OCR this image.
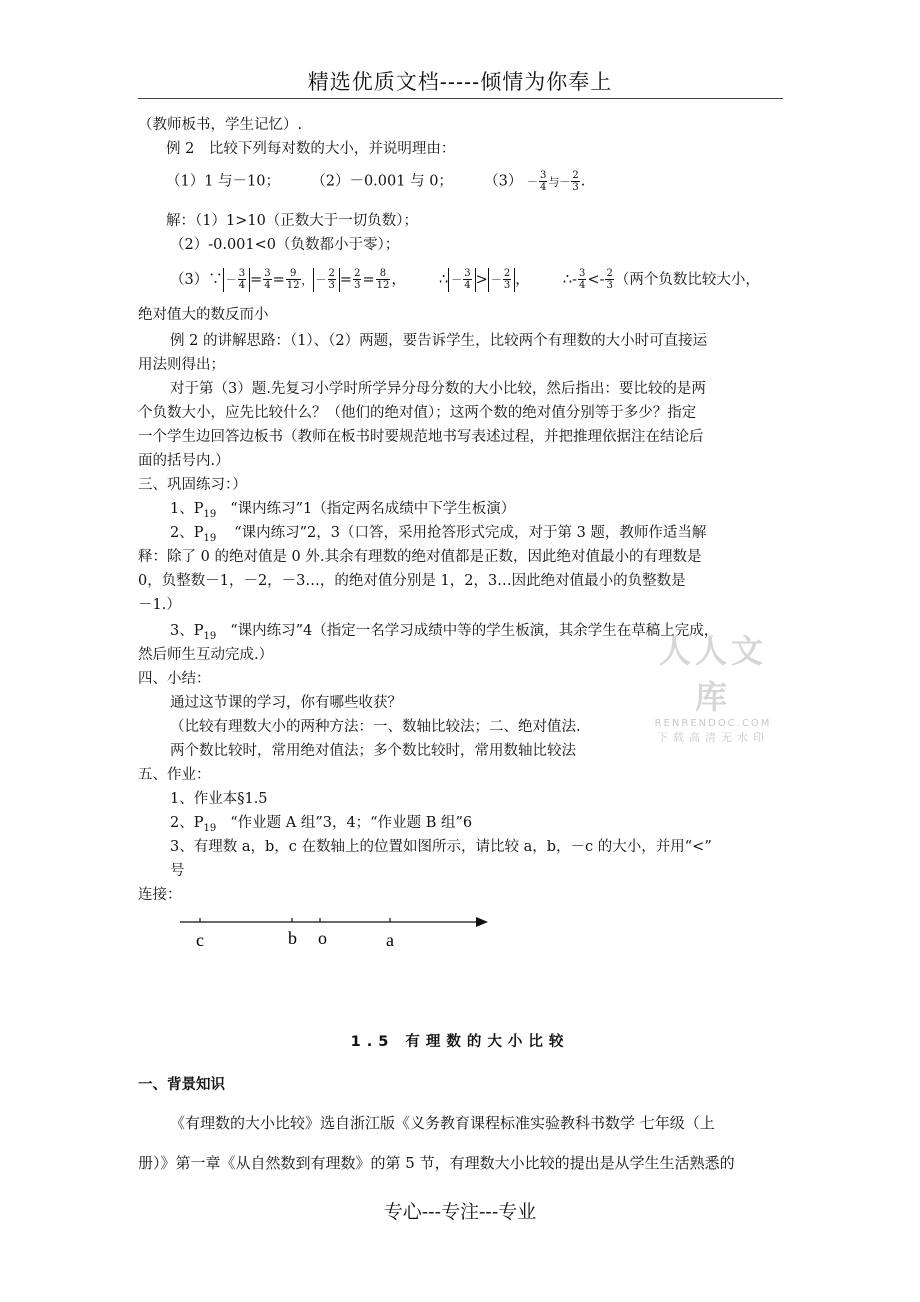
精选优质文档-----倾情为你奉上
（教师板书，学生记忆）.
例 2　比较下列每对数的大小，并说明理由：
（1）1 与－10； （2）－0.001 与 0； $(3) - \frac{3}{4}$ 与－ $\frac{2}{3}$ .
解：（1）1>10（正数大于一切负数）；
（2）-0.001<0（负数都小于零）；
（3）∵ － $\frac{3}{4} = \frac{3}{4} = \frac{9}{12}$ ， － $\frac{2}{3} = \frac{2}{3} = \frac{8}{12}$ ， ∴ － $\frac{3}{4}$ > － $\frac{2}{3}$ ， ∴- $\frac{3}{4} <- \frac{2}{3}$ （两个负数比较大小，
绝对值大的数反而小
例 2 的讲解思路：（1）、（2）两题，要告诉学生，比较两个有理数的大小时可直接运
用法则得出；
对于第（3）题.先复习小学时所学异分母分数的大小比较，然后指出：要比较的是两
个负数大小，应先比较什么？（他们的绝对值）；这两个数的绝对值分别等于多少？指定
一个学生边回答边板书（教师在板书时要规范地书写表述过程，并把推理依据注在结论后
面的括号内.）
三、巩固练习：）
1、$P_{19}$ “课内练习”1（指定两名成绩中下学生板演）
2、$P_{19}$ “课内练习”2，3（口答，采用抢答形式完成，对于第 3 题，教师作适当解
释：除了 0 的绝对值是 0 外.其余有理数的绝对值都是正数，因此绝对值最小的有理数是
0，负整数－1，－2，－3…，的绝对值分别是 1，2，3…因此绝对值最小的负整数是
－1.）
3、$P_{19}$ “课内练习”4（指定一名学习成绩中等的学生板演，其余学生在草稿上完成，
然后师生互动完成.）
四、小结：
通过这节课的学习，你有哪些收获？
（比较有理数大小的两种方法：一、数轴比较法；二、绝对值法.
两个数比较时，常用绝对值法；多个数比较时，常用数轴比较法
五、作业：
1、作业本§1.5
2、$P_{19}$ “作业题 A 组”3，4；“作业题 B 组”6
3、有理数 a，b，c 在数轴上的位置如图所示，请比较 a，b，－c 的大小，并用“<”
号
连接：
c	b o	a
人人文库
RENRENDOC.COM
下载高清无水印
1.5 有理数的大小比较
一、背景知识
《有理数的大小比较》选自浙江版《义务教育课程标准实验教科书数学 七年级（上
册）》第一章《从自然数到有理数》的第 5 节，有理数大小比较的提出是从学生生活熟悉的
专心---专注---专业
